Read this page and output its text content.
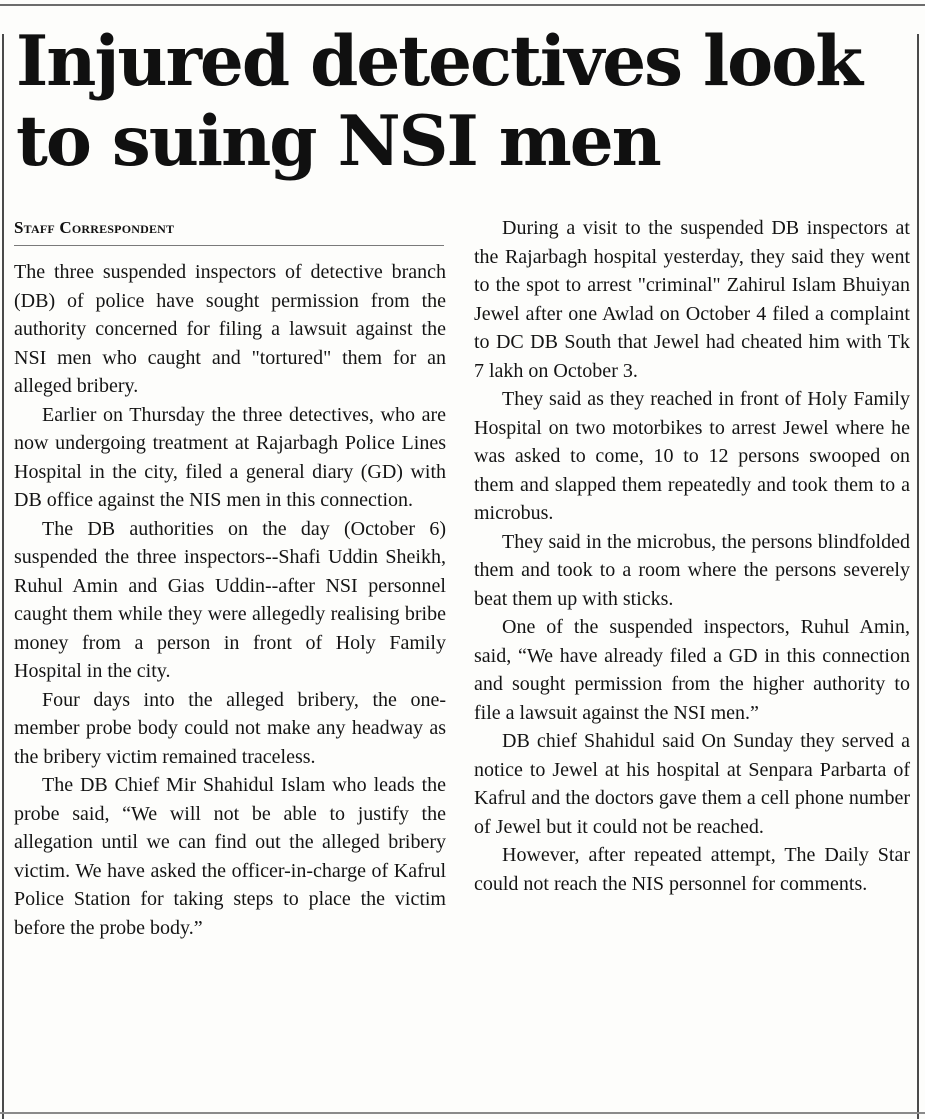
Injured detectives look
to suing NSI men
Staff Correspondent

The three suspended inspectors of detective branch (DB) of police have sought permission from the authority concerned for filing a lawsuit against the NSI men who caught and "tortured" them for an alleged bribery.

Earlier on Thursday the three detectives, who are now undergoing treatment at Rajarbagh Police Lines Hospital in the city, filed a general diary (GD) with DB office against the NIS men in this connection.

The DB authorities on the day (October 6) suspended the three inspectors--Shafi Uddin Sheikh, Ruhul Amin and Gias Uddin--after NSI personnel caught them while they were allegedly realising bribe money from a person in front of Holy Family Hospital in the city.

Four days into the alleged bribery, the one-member probe body could not make any headway as the bribery victim remained traceless.

The DB Chief Mir Shahidul Islam who leads the probe said, “We will not be able to justify the allegation until we can find out the alleged bribery victim. We have asked the officer-in-charge of Kafrul Police Station for taking steps to place the victim before the probe body.”

During a visit to the suspended DB inspectors at the Rajarbagh hospital yesterday, they said they went to the spot to arrest "criminal" Zahirul Islam Bhuiyan Jewel after one Awlad on October 4 filed a complaint to DC DB South that Jewel had cheated him with Tk 7 lakh on October 3.

They said as they reached in front of Holy Family Hospital on two motorbikes to arrest Jewel where he was asked to come, 10 to 12 persons swooped on them and slapped them repeatedly and took them to a microbus.

They said in the microbus, the persons blindfolded them and took to a room where the persons severely beat them up with sticks.

One of the suspended inspectors, Ruhul Amin, said, “We have already filed a GD in this connection and sought permission from the higher authority to file a lawsuit against the NSI men.”

DB chief Shahidul said On Sunday they served a notice to Jewel at his hospital at Senpara Parbarta of Kafrul and the doctors gave them a cell phone number of Jewel but it could not be reached.

However, after repeated attempt, The Daily Star could not reach the NIS personnel for comments.
